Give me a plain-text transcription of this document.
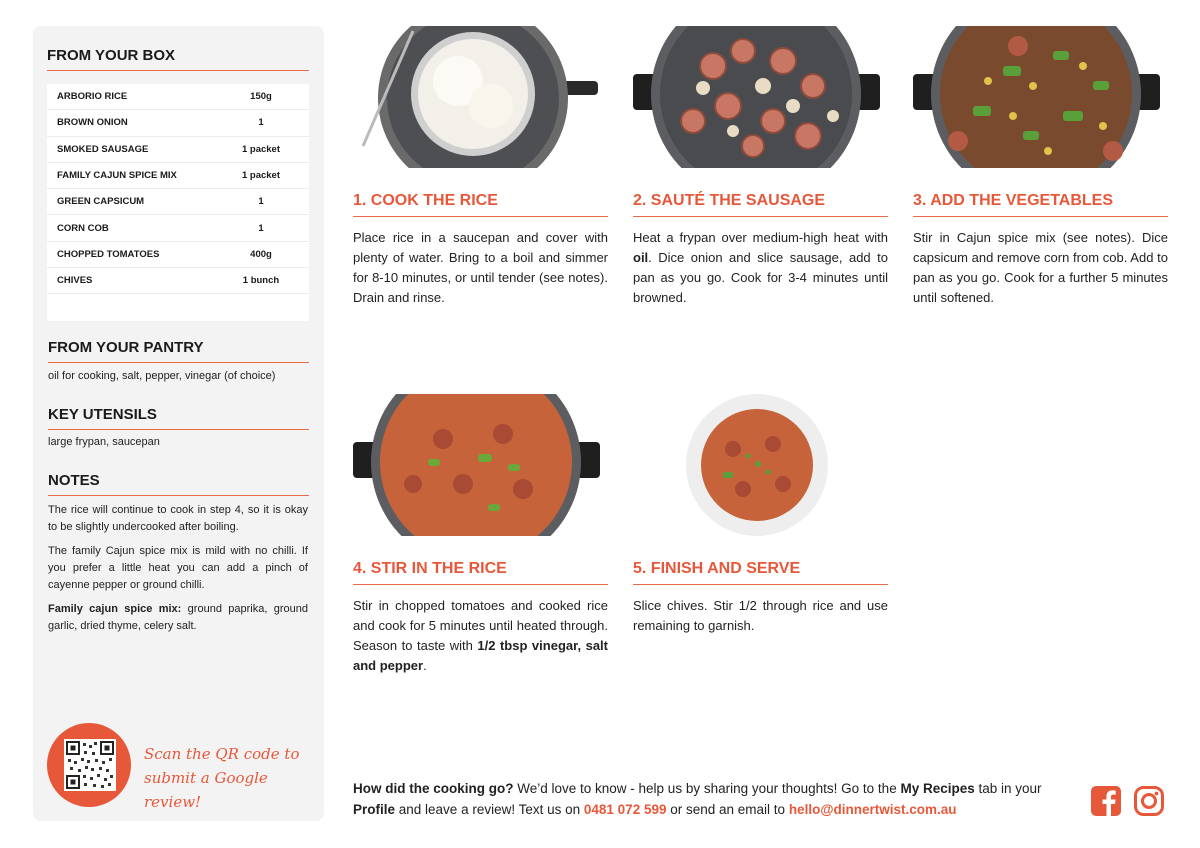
FROM YOUR BOX
ARBORIO RICE	150g
BROWN ONION	1
SMOKED SAUSAGE	1 packet
FAMILY CAJUN SPICE MIX	1 packet
GREEN CAPSICUM	1
CORN COB	1
CHOPPED TOMATOES	400g
CHIVES	1 bunch
FROM YOUR PANTRY
oil for cooking, salt, pepper, vinegar (of choice)
KEY UTENSILS
large frypan, saucepan
NOTES

The rice will continue to cook in step 4, so it is okay to be slightly undercooked after boiling.

The family Cajun spice mix is mild with no chilli. If you prefer a little heat you can add a pinch of cayenne pepper or ground chilli.

Family cajun spice mix: ground paprika, ground garlic, dried thyme, celery salt.

Scan the QR code to
submit a Google review!
1. COOK THE RICE
Place rice in a saucepan and cover with plenty of water. Bring to a boil and simmer for 8-10 minutes, or until tender (see notes). Drain and rinse.
2. SAUTÉ THE SAUSAGE
Heat a frypan over medium-high heat with oil. Dice onion and slice sausage, add to pan as you go. Cook for 3-4 minutes until browned.
3. ADD THE VEGETABLES
Stir in Cajun spice mix (see notes). Dice capsicum and remove corn from cob. Add to pan as you go. Cook for a further 5 minutes until softened.
4. STIR IN THE RICE
Stir in chopped tomatoes and cooked rice and cook for 5 minutes until heated through. Season to taste with 1/2 tbsp vinegar, salt and pepper.
5. FINISH AND SERVE
Slice chives. Stir 1/2 through rice and use remaining to garnish.
How did the cooking go? We’d love to know - help us by sharing your thoughts! Go to the My Recipes tab in your Profile and leave a review! Text us on 0481 072 599 or send an email to hello@dinnertwist.com.au
